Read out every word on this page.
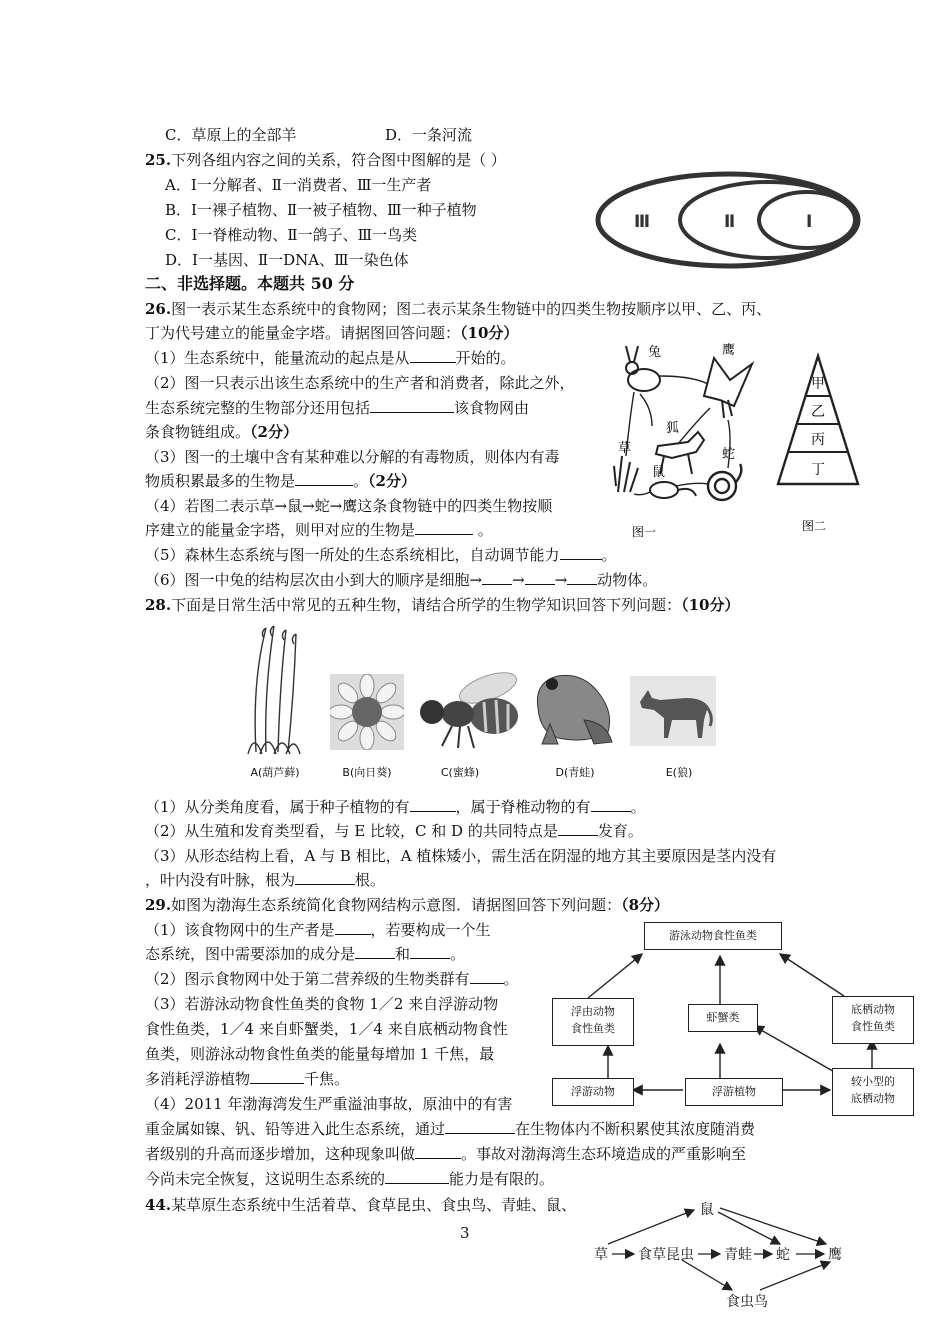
C．草原上的全部羊	D．一条河流
25.下列各组内容之间的关系，符合图中图解的是（ ）
A．Ⅰ一分解者、Ⅱ一消费者、Ⅲ一生产者
B．Ⅰ一裸子植物、Ⅱ一被子植物、Ⅲ一种子植物
C．Ⅰ一脊椎动物、Ⅱ一鸽子、Ⅲ一鸟类
D．Ⅰ一基因、Ⅱ一DNA、Ⅲ一染色体
Ⅲ	Ⅱ	Ⅰ
二、非选择题。本题共 50 分
26.图一表示某生态系统中的食物网；图二表示某条生物链中的四类生物按顺序以甲、乙、丙、
丁为代号建立的能量金字塔。请据图回答问题：（10分）
（1）生态系统中，能量流动的起点是从	开始的。
（2）图一只表示出该生态系统中的生产者和消费者，除此之外，
生态系统完整的生物部分还用包括	该食物网由
条食物链组成。（2分）
（3）图一的土壤中含有某种难以分解的有毒物质，则体内有毒
物质积累最多的生物是	。（2分）
（4）若图二表示草→鼠→蛇→鹰这条食物链中的四类生物按顺
序建立的能量金字塔，则甲对应的生物是	。
（5）森林生态系统与图一所处的生态系统相比，自动调节能力	。
（6）图一中兔的结构层次由小到大的顺序是细胞→ → → 动物体。
兔	鹰
狐
草
鼠
蛇
图一
甲
乙
丙
丁
图二
28.下面是日常生活中常见的五种生物，请结合所学的生物学知识回答下列问题：（10分）
A(葫芦藓)	B(向日葵)	C(蜜蜂)	D(青蛙)	E(狼)
（1）从分类角度看，属于种子植物的有	，属于脊椎动物的有	。
（2）从生殖和发育类型看，与 E 比较，C 和 D 的共同特点是	发育。
（3）从形态结构上看，A 与 B 相比，A 植株矮小，需生活在阴湿的地方其主要原因是茎内没有
，叶内没有叶脉，根为	根。
29.如图为渤海生态系统简化食物网结构示意图．请据图回答下列问题：（8分）
（1）该食物网中的生产者是 ，若要构成一个生
态系统，图中需要添加的成分是	和	。
（2）图示食物网中处于第二营养级的生物类群有 。
（3）若游泳动物食性鱼类的食物 1／2 来自浮游动物
食性鱼类，1／4 来自虾蟹类，1／4 来自底栖动物食性
鱼类，则游泳动物食性鱼类的能量每增加 1 千焦，最
多消耗浮游植物	千焦。
（4）2011 年渤海湾发生严重溢油事故，原油中的有害
重金属如镍、钒、铅等进入此生态系统，通过	在生物体内不断积累使其浓度随消费
者级别的升高而逐步增加，这种现象叫做	。事故对渤海湾生态环境造成的严重影响至
今尚未完全恢复，这说明生态系统的	能力是有限的。
游泳动物食性鱼类
浮由动物
食性鱼类
虾蟹类
底栖动物
食性鱼类
浮游动物	浮游植物
较小型的
底栖动物
44.某草原生态系统中生活着草、食草昆虫、食虫鸟、青蛙、鼠、
草 食草昆虫 青蛙 蛇	鹰
鼠
食虫鸟
3
